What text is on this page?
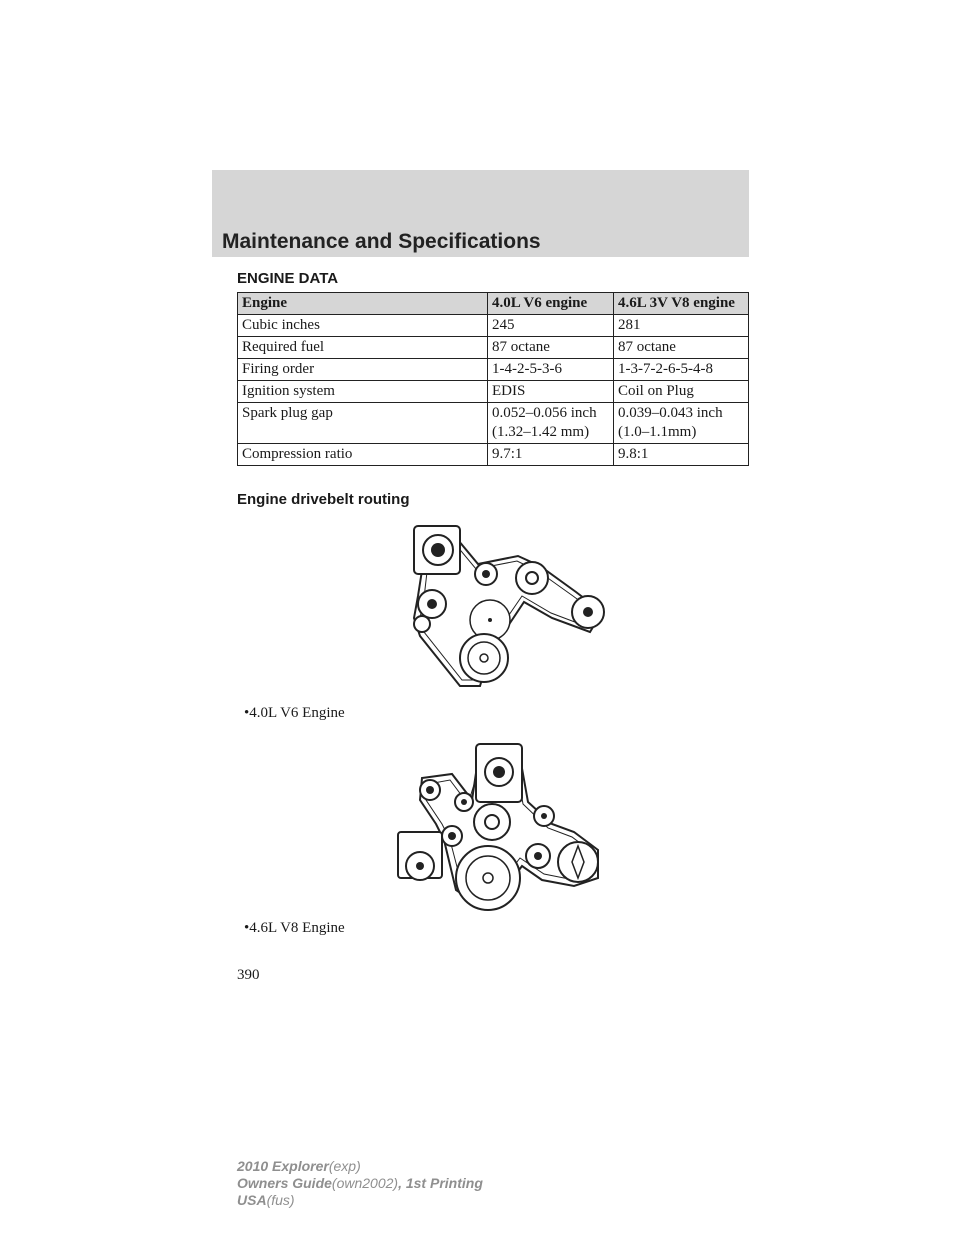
Maintenance and Specifications
ENGINE DATA
Engine	4.0L V6 engine	4.6L 3V V8 engine
Cubic inches	245	281
Required fuel	87 octane	87 octane
Firing order	1-4-2-5-3-6	1-3-7-2-6-5-4-8
Ignition system	EDIS	Coil on Plug
Spark plug gap	0.052–0.056 inch (1.32–1.42 mm)	0.039–0.043 inch (1.0–1.1mm)
Compression ratio	9.7:1	9.8:1
Engine drivebelt routing

•4.0L V6 Engine

•4.6L V8 Engine

390

2010 Explorer(exp)
Owners Guide(own2002), 1st Printing
USA(fus)
